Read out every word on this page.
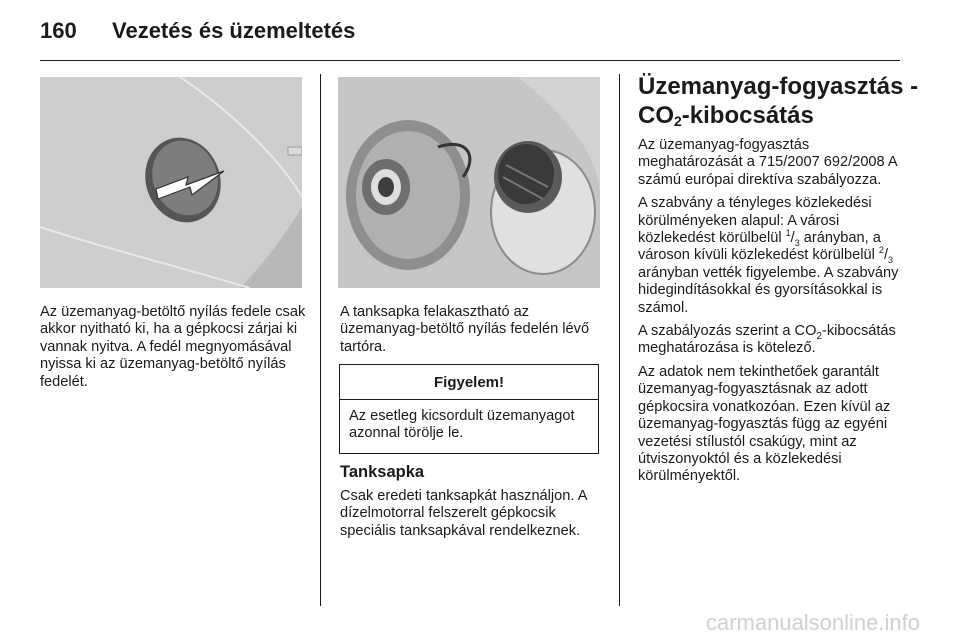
160 Vezetés és üzemeltetés

Az üzemanyag-betöltő nyílás fedele csak akkor nyitható ki, ha a gépkocsi zárjai ki vannak nyitva. A fedél megnyomásával nyissa ki az üzemanyag-betöltő nyílás fedelét.

A tanksapka felakasztható az üzemanyag-betöltő nyílás fedelén lévő tartóra.

Figyelem!
Az esetleg kicsordult üzemanyagot azonnal törölje le.
Tanksapka

Csak eredeti tanksapkát használjon. A dízelmotorral felszerelt gépkocsik speciális tanksapkával rendelkeznek.

Üzemanyag-fogyasztás -
$CO_2$-kibocsátás

Az üzemanyag-fogyasztás meghatározását a 715/2007 692/2008 A számú európai direktíva szabályozza.

A szabvány a tényleges közlekedési körülményeken alapul: A városi közlekedést körülbelül $^1/_3$ arányban, a városon kívüli közlekedést körülbelül $^2/_3$ arányban vették figyelembe. A szabvány hidegindításokkal és gyorsításokkal is számol.

A szabályozás szerint a $CO_2$-kibocsátás meghatározása is kötelező.

Az adatok nem tekinthetőek garantált üzemanyag-fogyasztásnak az adott gépkocsira vonatkozóan. Ezen kívül az üzemanyag-fogyasztás függ az egyéni vezetési stílustól csakúgy, mint az útviszonyoktól és a közlekedési körülményektől.

carmanualsonline.info
